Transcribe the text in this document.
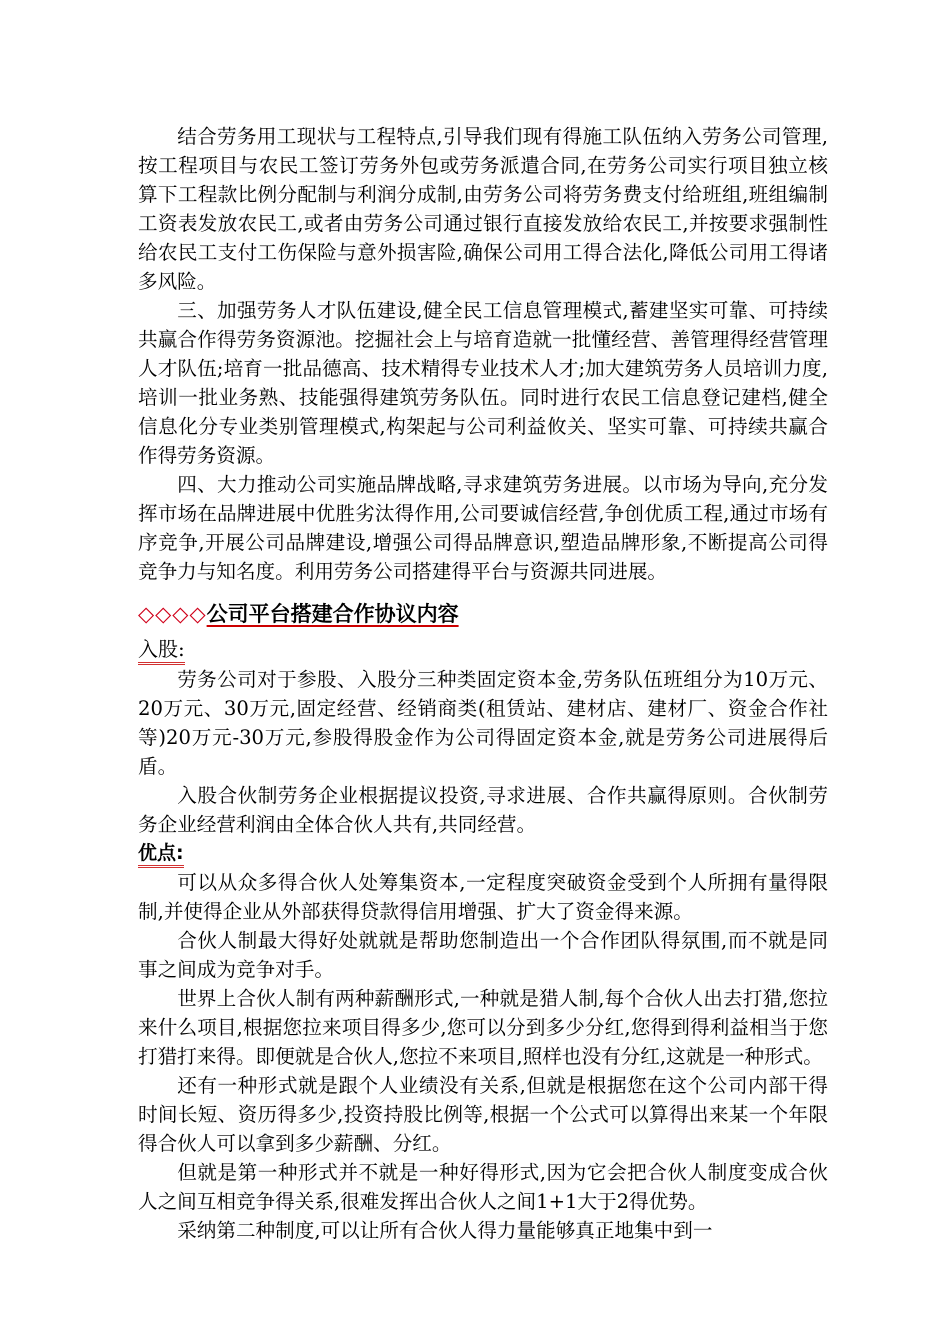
结合劳务用工现状与工程特点,引导我们现有得施工队伍纳入劳务公司管理,按工程项目与农民工签订劳务外包或劳务派遣合同,在劳务公司实行项目独立核算下工程款比例分配制与利润分成制,由劳务公司将劳务费支付给班组,班组编制工资表发放农民工,或者由劳务公司通过银行直接发放给农民工,并按要求强制性给农民工支付工伤保险与意外损害险,确保公司用工得合法化,降低公司用工得诸多风险。

三、加强劳务人才队伍建设,健全民工信息管理模式,蓄建坚实可靠、可持续共赢合作得劳务资源池。挖掘社会上与培育造就一批懂经营、善管理得经营管理人才队伍;培育一批品德高、技术精得专业技术人才;加大建筑劳务人员培训力度,培训一批业务熟、技能强得建筑劳务队伍。同时进行农民工信息登记建档,健全信息化分专业类别管理模式,构架起与公司利益攸关、坚实可靠、可持续共赢合作得劳务资源。

四、大力推动公司实施品牌战略,寻求建筑劳务进展。以市场为导向,充分发挥市场在品牌进展中优胜劣汰得作用,公司要诚信经营,争创优质工程,通过市场有序竞争,开展公司品牌建设,增强公司得品牌意识,塑造品牌形象,不断提高公司得竞争力与知名度。利用劳务公司搭建得平台与资源共同进展。

◇◇◇◇公司平台搭建合作协议内容
入股:

劳务公司对于参股、入股分三种类固定资本金,劳务队伍班组分为10万元、20万元、30万元,固定经营、经销商类(租赁站、建材店、建材厂、资金合作社等)20万元-30万元,参股得股金作为公司得固定资本金,就是劳务公司进展得后盾。

入股合伙制劳务企业根据提议投资,寻求进展、合作共赢得原则。合伙制劳务企业经营利润由全体合伙人共有,共同经营。

优点:

可以从众多得合伙人处筹集资本,一定程度突破资金受到个人所拥有量得限制,并使得企业从外部获得贷款得信用增强、扩大了资金得来源。

合伙人制最大得好处就就是帮助您制造出一个合作团队得氛围,而不就是同事之间成为竞争对手。

世界上合伙人制有两种薪酬形式,一种就是猎人制,每个合伙人出去打猎,您拉来什么项目,根据您拉来项目得多少,您可以分到多少分红,您得到得利益相当于您打猎打来得。即便就是合伙人,您拉不来项目,照样也没有分红,这就是一种形式。

还有一种形式就是跟个人业绩没有关系,但就是根据您在这个公司内部干得时间长短、资历得多少,投资持股比例等,根据一个公式可以算得出来某一个年限得合伙人可以拿到多少薪酬、分红。

但就是第一种形式并不就是一种好得形式,因为它会把合伙人制度变成合伙人之间互相竞争得关系,很难发挥出合伙人之间1+1大于2得优势。

采纳第二种制度,可以让所有合伙人得力量能够真正地集中到一
